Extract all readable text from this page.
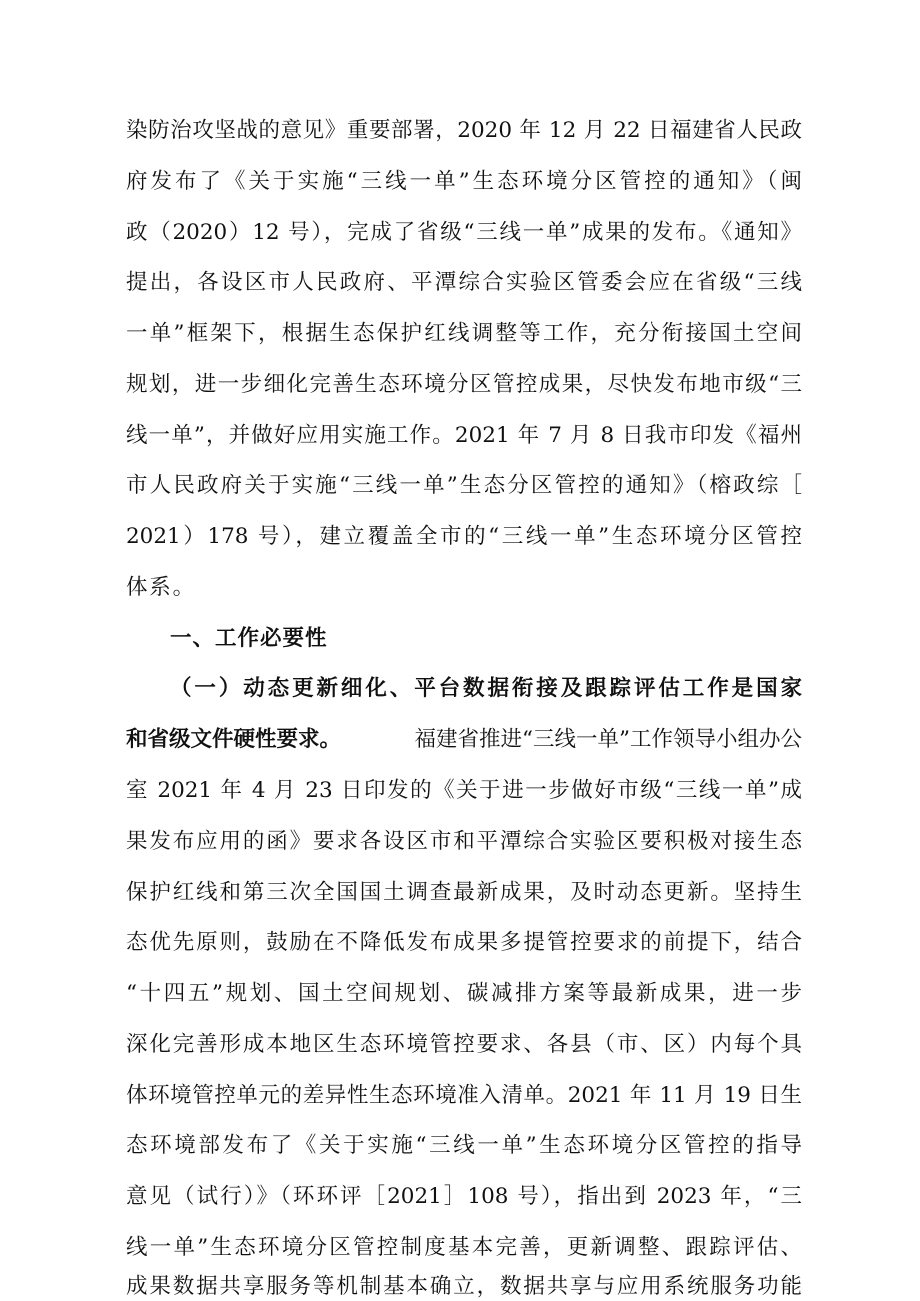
染防治攻坚战的意见》重要部署，2020 年 12 月 22 日福建省人民政
府发布了《关于实施“三线一单”生态环境分区管控的通知》（闽
政（2020）12 号），完成了省级“三线一单”成果的发布。《通知》
提出，各设区市人民政府、平潭综合实验区管委会应在省级“三线
一单”框架下，根据生态保护红线调整等工作，充分衔接国土空间
规划，进一步细化完善生态环境分区管控成果，尽快发布地市级“三
线一单”，并做好应用实施工作。2021 年 7 月 8 日我市印发《福州
市人民政府关于实施“三线一单”生态分区管控的通知》（榕政综［
2021）178 号），建立覆盖全市的“三线一单”生态环境分区管控
体系。
一、工作必要性
（一）动态更新细化、平台数据衔接及跟踪评估工作是国家
和省级文件硬性要求。	福建省推进“三线一单”工作领导小组办公
室 2021 年 4 月 23 日印发的《关于进一步做好市级“三线一单”成
果发布应用的函》要求各设区市和平潭综合实验区要积极对接生态
保护红线和第三次全国国土调查最新成果，及时动态更新。坚持生
态优先原则，鼓励在不降低发布成果多提管控要求的前提下，结合
“十四五”规划、国土空间规划、碳减排方案等最新成果，进一步
深化完善形成本地区生态环境管控要求、各县（市、区）内每个具
体环境管控单元的差异性生态环境准入清单。2021 年 11 月 19 日生
态环境部发布了《关于实施“三线一单”生态环境分区管控的指导
意见（试行）》（环环评［2021］108 号），指出到 2023 年，“三
线一单”生态环境分区管控制度基本完善，更新调整、跟踪评估、
成果数据共享服务等机制基本确立，数据共享与应用系统服务功能
